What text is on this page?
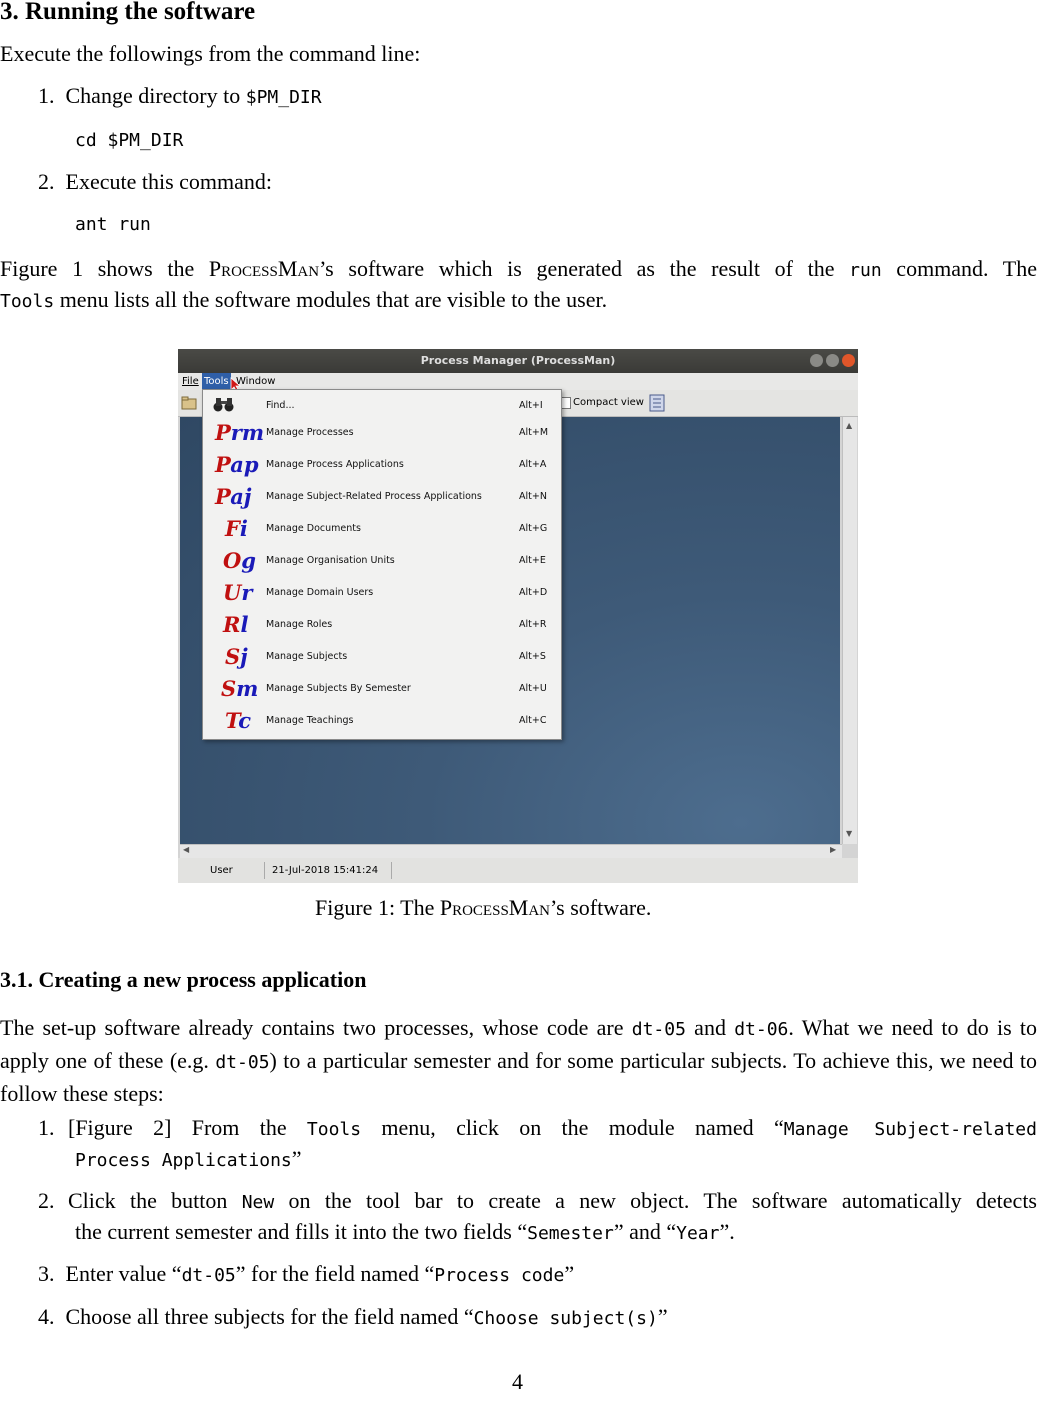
3. Running the software
Execute the followings from the command line:
1. Change directory to $PM_DIR
cd $PM_DIR
2. Execute this command:
ant run
Figure 1 shows the ProcessMan’s software which is generated as the result of the run command. The
Tools menu lists all the software modules that are visible to the user.
Process Manager (ProcessMan)
File Tools Window
Compact view
▲
▼
◀	▶
User	21-Jul-2018 15:41:24
Find...	Alt+I
Prm Manage Processes	Alt+M
Pap Manage Process Applications	Alt+A
Paj	Manage Subject-Related Process Applications	Alt+N
Fi	Manage Documents	Alt+G
Og	Manage Organisation Units	Alt+E
Ur	Manage Domain Users	Alt+D
Rl	Manage Roles	Alt+R
Sj	Manage Subjects	Alt+S
Sm Manage Subjects By Semester	Alt+U
Tc	Manage Teachings	Alt+C
Figure 1: The ProcessMan’s software.
3.1. Creating a new process application
The set-up software already contains two processes, whose code are dt-05 and dt-06. What we need to do is to apply one of these (e.g. dt-05) to a particular semester and for some particular subjects. To achieve this, we need to follow these steps:
1. [Figure 2] From the Tools menu, click on the module named “Manage Subject-related
Process Applications”
2. Click the button New on the tool bar to create a new object. The software automatically detects
the current semester and fills it into the two fields “Semester” and “Year”.
3. Enter value “dt-05” for the field named “Process code”
4. Choose all three subjects for the field named “Choose subject(s)”
4
